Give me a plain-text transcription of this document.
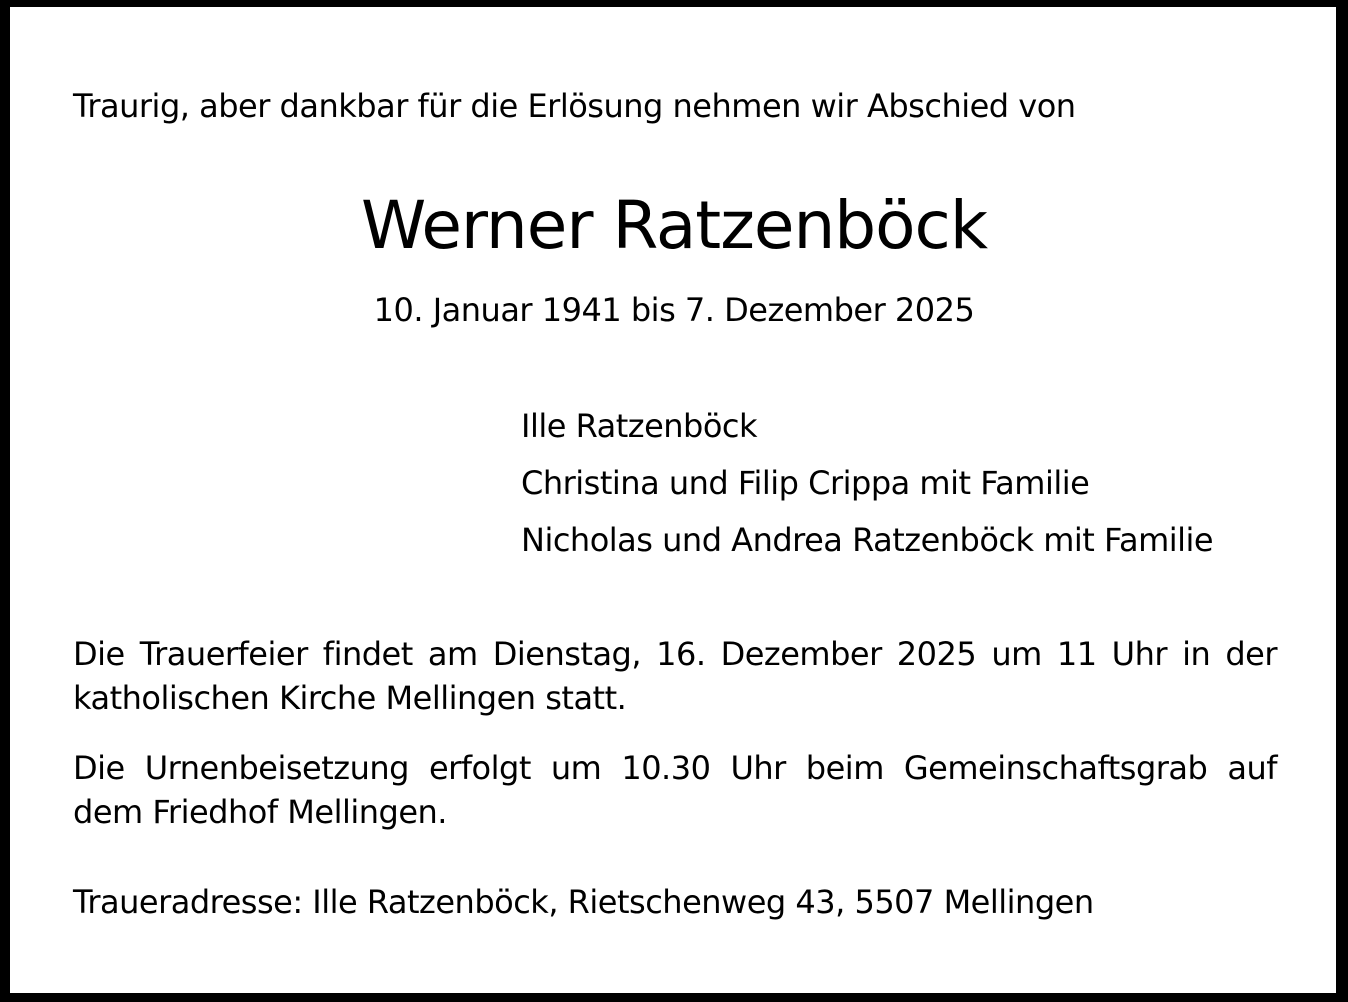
Traurig, aber dankbar für die Erlösung nehmen wir Abschied von
Werner Ratzenböck
10. Januar 1941 bis 7. Dezember 2025
Ille Ratzenböck
Christina und Filip Crippa mit Familie
Nicholas und Andrea Ratzenböck mit Familie
Die Trauerfeier findet am Dienstag, 16. Dezember 2025 um 11 Uhr in der
katholischen Kirche Mellingen statt.
Die Urnenbeisetzung erfolgt um 10.30 Uhr beim Gemeinschaftsgrab auf
dem Friedhof Mellingen.
Traueradresse: Ille Ratzenböck, Rietschenweg 43, 5507 Mellingen
